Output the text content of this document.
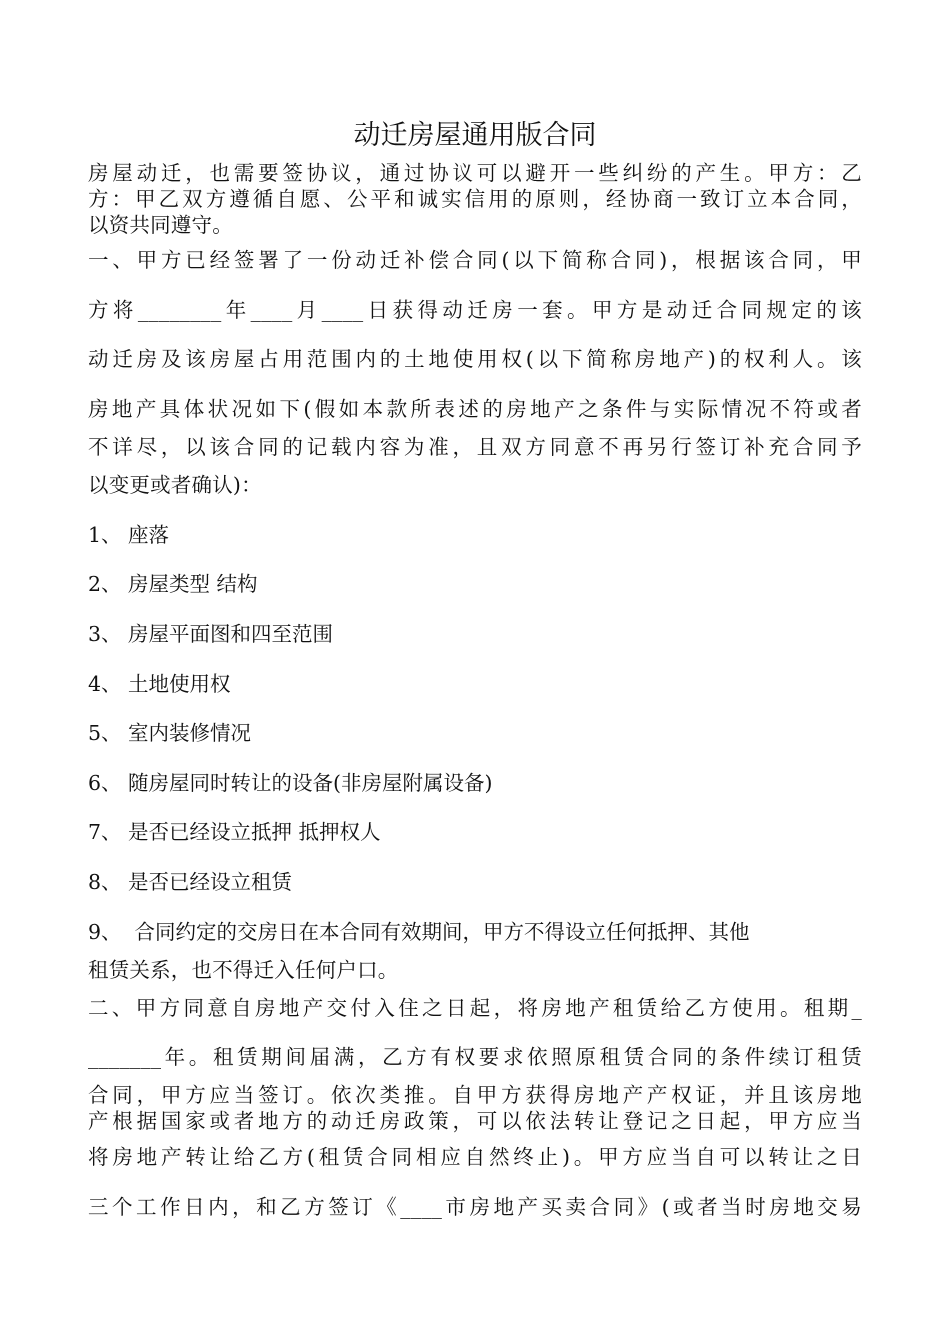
动迁房屋通用版合同
房屋动迁，也需要签协议，通过协议可以避开一些纠纷的产生。甲方：乙
方：甲乙双方遵循自愿、公平和诚实信用的原则，经协商一致订立本合同，
以资共同遵守。
一、甲方已经签署了一份动迁补偿合同(以下简称合同)，根据该合同，甲
方将________年____月____日获得动迁房一套。甲方是动迁合同规定的该
动迁房及该房屋占用范围内的土地使用权(以下简称房地产)的权利人。该
房地产具体状况如下(假如本款所表述的房地产之条件与实际情况不符或者
不详尽，以该合同的记载内容为准，且双方同意不再另行签订补充合同予
以变更或者确认)：
1、 座落
2、 房屋类型 结构
3、 房屋平面图和四至范围
4、 土地使用权
5、 室内装修情况
6、 随房屋同时转让的设备(非房屋附属设备)
7、 是否已经设立抵押 抵押权人
8、 是否已经设立租赁
9、 合同约定的交房日在本合同有效期间，甲方不得设立任何抵押、其他
租赁关系，也不得迁入任何户口。
二、甲方同意自房地产交付入住之日起，将房地产租赁给乙方使用。租期_
_______年。租赁期间届满，乙方有权要求依照原租赁合同的条件续订租赁
合同，甲方应当签订。依次类推。自甲方获得房地产产权证，并且该房地
产根据国家或者地方的动迁房政策，可以依法转让登记之日起，甲方应当
将房地产转让给乙方(租赁合同相应自然终止)。甲方应当自可以转让之日
三个工作日内，和乙方签订《____市房地产买卖合同》(或者当时房地交易
